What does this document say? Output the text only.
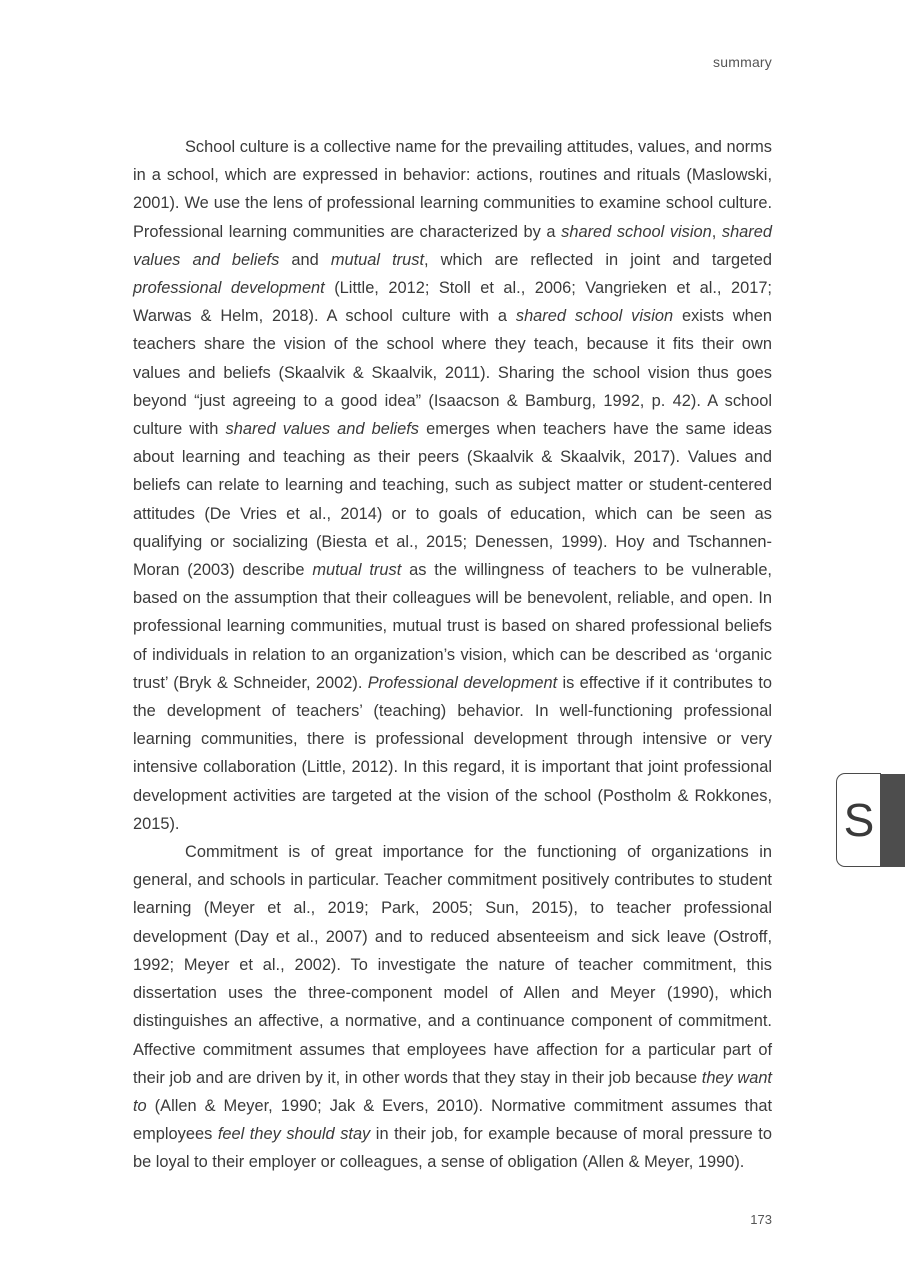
summary

School culture is a collective name for the prevailing attitudes, values, and norms in a school, which are expressed in behavior: actions, routines and rituals (Maslowski, 2001). We use the lens of professional learning communities to examine school culture. Professional learning communities are characterized by a shared school vision, shared values and beliefs and mutual trust, which are reflected in joint and targeted professional development (Little, 2012; Stoll et al., 2006; Vangrieken et al., 2017; Warwas & Helm, 2018). A school culture with a shared school vision exists when teachers share the vision of the school where they teach, because it fits their own values and beliefs (Skaalvik & Skaalvik, 2011). Sharing the school vision thus goes beyond “just agreeing to a good idea” (Isaacson & Bamburg, 1992, p. 42). A school culture with shared values and beliefs emerges when teachers have the same ideas about learning and teaching as their peers (Skaalvik & Skaalvik, 2017). Values and beliefs can relate to learning and teaching, such as subject matter or student-centered attitudes (De Vries et al., 2014) or to goals of education, which can be seen as qualifying or socializing (Biesta et al., 2015; Denessen, 1999). Hoy and Tschannen-Moran (2003) describe mutual trust as the willingness of teachers to be vulnerable, based on the assumption that their colleagues will be benevolent, reliable, and open. In professional learning communities, mutual trust is based on shared professional beliefs of individuals in relation to an organization’s vision, which can be described as ‘organic trust’ (Bryk & Schneider, 2002). Professional development is effective if it contributes to the development of teachers’ (teaching) behavior. In well-functioning professional learning communities, there is professional development through intensive or very intensive collaboration (Little, 2012). In this regard, it is important that joint professional development activities are targeted at the vision of the school (Postholm & Rokkones, 2015).

Commitment is of great importance for the functioning of organizations in general, and schools in particular. Teacher commitment positively contributes to student learning (Meyer et al., 2019; Park, 2005; Sun, 2015), to teacher professional development (Day et al., 2007) and to reduced absenteeism and sick leave (Ostroff, 1992; Meyer et al., 2002). To investigate the nature of teacher commitment, this dissertation uses the three-component model of Allen and Meyer (1990), which distinguishes an affective, a normative, and a continuance component of commitment. Affective commitment assumes that employees have affection for a particular part of their job and are driven by it, in other words that they stay in their job because they want to (Allen & Meyer, 1990; Jak & Evers, 2010). Normative commitment assumes that employees feel they should stay in their job, for example because of moral pressure to be loyal to their employer or colleagues, a sense of obligation (Allen & Meyer, 1990).

S
173
